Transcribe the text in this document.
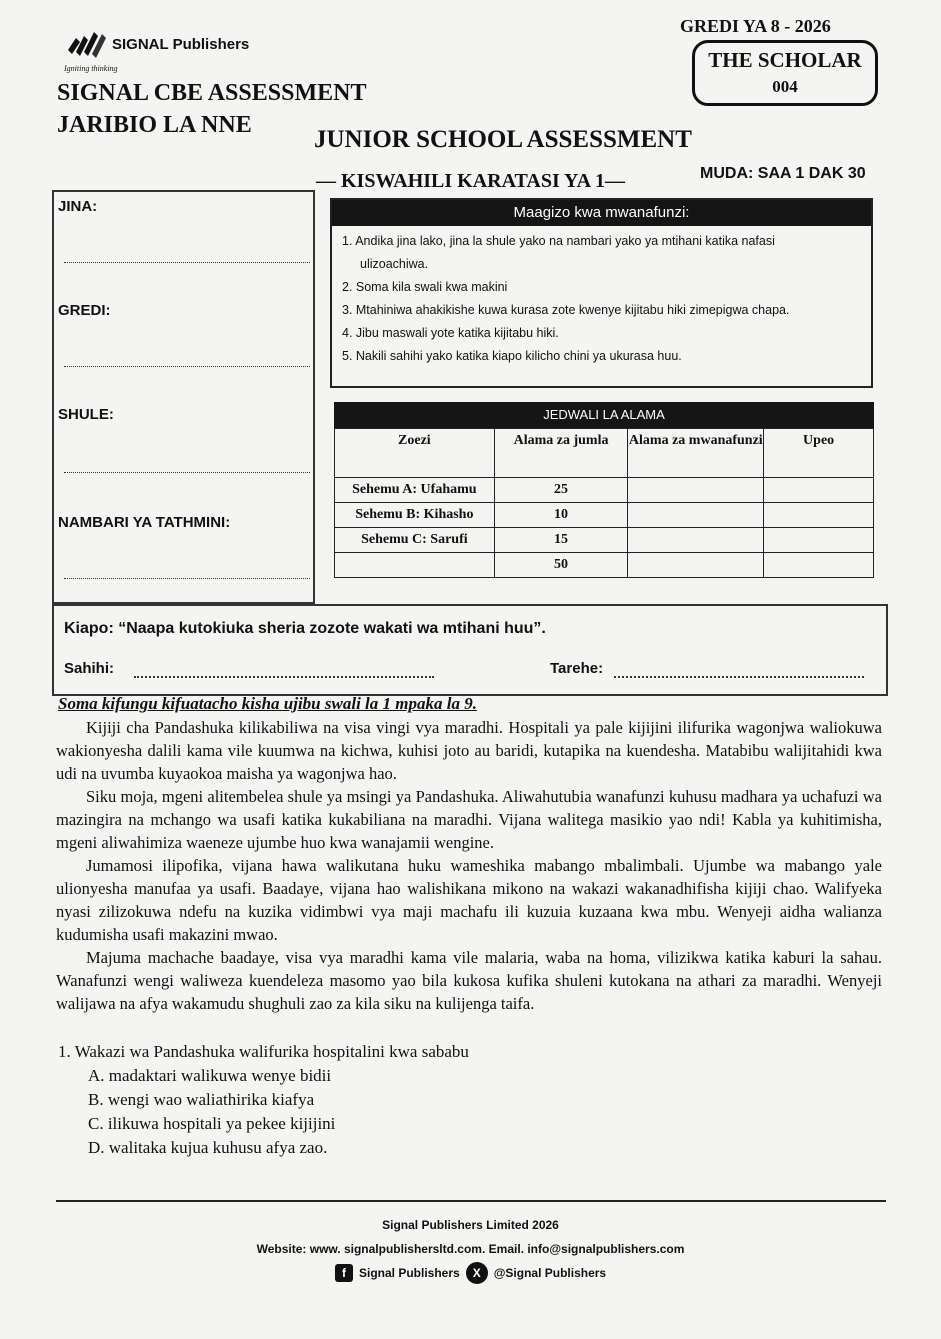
GREDI YA 8 - 2026
THE SCHOLAR
004
SIGNAL Publishers
Igniting thinking
SIGNAL CBE ASSESSMENT
JARIBIO LA NNE
JUNIOR SCHOOL ASSESSMENT
— KISWAHILI KARATASI YA 1—	MUDA: SAA 1 DAK 30
JINA:
GREDI:
SHULE:
NAMBARI YA TATHMINI:
Maagizo kwa mwanafunzi:
1. Andika jina lako, jina la shule yako na nambari yako ya mtihani katika nafasi
ulizoachiwa.
2. Soma kila swali kwa makini
3. Mtahiniwa ahakikishe kuwa kurasa zote kwenye kijitabu hiki zimepigwa chapa.
4. Jibu maswali yote katika kijitabu hiki.
5. Nakili sahihi yako katika kiapo kilicho chini ya ukurasa huu.
JEDWALI LA ALAMA
Zoezi	Alama za jumla	Alama za mwanafunzi	Upeo
Sehemu A: Ufahamu	25		
Sehemu B: Kihasho	10		
Sehemu C: Sarufi	15		
	50		
Kiapo: “Naapa kutokiuka sheria zozote wakati wa mtihani huu”.
Sahihi:	Tarehe:
Soma kifungu kifuatacho kisha ujibu swali la 1 mpaka la 9.

Kijiji cha Pandashuka kilikabiliwa na visa vingi vya maradhi. Hospitali ya pale kijijini ilifurika wagonjwa waliokuwa wakionyesha dalili kama vile kuumwa na kichwa, kuhisi joto au baridi, kutapika na kuendesha. Matabibu walijitahidi kwa udi na uvumba kuyaokoa maisha ya wagonjwa hao.

Siku moja, mgeni alitembelea shule ya msingi ya Pandashuka. Aliwahutubia wanafunzi kuhusu madhara ya uchafuzi wa mazingira na mchango wa usafi katika kukabiliana na maradhi. Vijana walitega masikio yao ndi! Kabla ya kuhitimisha, mgeni aliwahimiza waeneze ujumbe huo kwa wanajamii wengine.

Jumamosi ilipofika, vijana hawa walikutana huku wameshika mabango mbalimbali. Ujumbe wa mabango yale ulionyesha manufaa ya usafi. Baadaye, vijana hao walishikana mikono na wakazi wakanadhifisha kijiji chao. Walifyeka nyasi zilizokuwa ndefu na kuzika vidimbwi vya maji machafu ili kuzuia kuzaana kwa mbu. Wenyeji aidha walianza kudumisha usafi makazini mwao.

Majuma machache baadaye, visa vya maradhi kama vile malaria, waba na homa, vilizikwa katika kaburi la sahau. Wanafunzi wengi waliweza kuendeleza masomo yao bila kukosa kufika shuleni kutokana na athari za maradhi. Wenyeji walijawa na afya wakamudu shughuli zao za kila siku na kulijenga taifa.

1. Wakazi wa Pandashuka walifurika hospitalini kwa sababu
A. madaktari walikuwa wenye bidii
B. wengi wao waliathirika kiafya
C. ilikuwa hospitali ya pekee kijijini
D. walitaka kujua kuhusu afya zao.
Signal Publishers Limited 2026
Website: www. signalpublishersltd.com. Email. info@signalpublishers.com
f	Signal Publishers	X	@Signal Publishers
